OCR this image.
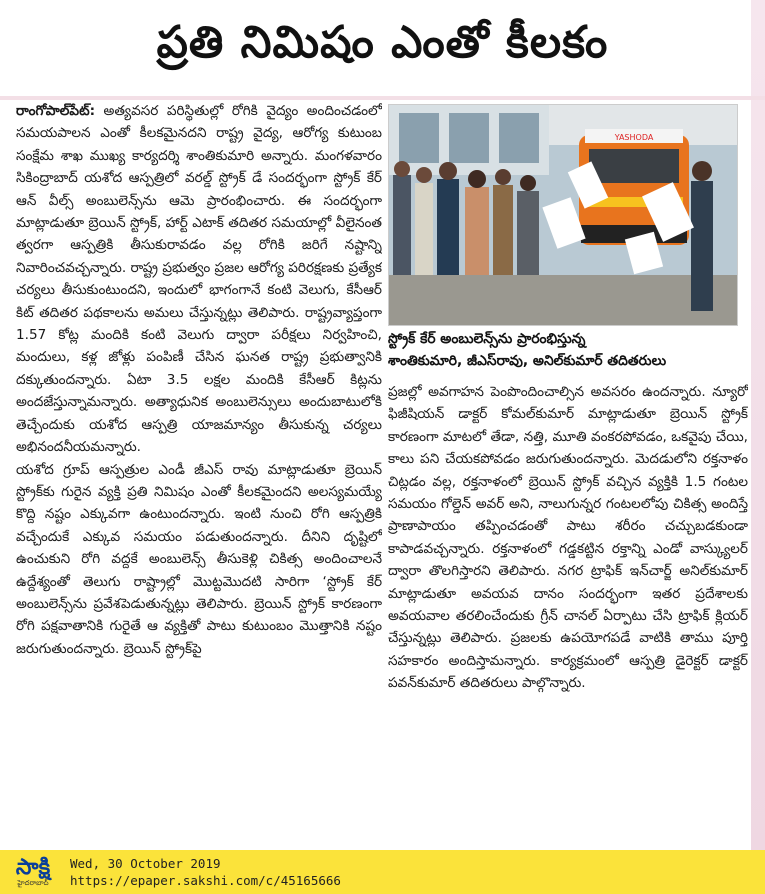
ప్రతి నిమిషం ఎంతో కీలకం

రాంగోపాల్‌పేట్‌: అత్యవసర పరిస్థితుల్లో రోగికి వైద్యం అందించడంలో సమయపాలన ఎంతో కీలకమైనదని రాష్ట్ర వైద్య, ఆరోగ్య కుటుంబ సంక్షేమ శాఖ ముఖ్య కార్యదర్శి శాంతికుమారి అన్నారు. మంగళవారం సికింద్రాబాద్‌ యశోద ఆస్పత్రిలో వరల్డ్‌ స్ట్రోక్‌ డే సందర్భంగా స్ట్రోక్‌ కేర్‌ ఆన్‌ వీల్స్‌ అంబులెన్స్‌ను ఆమె ప్రారంభించారు. ఈ సందర్భంగా మాట్లాడుతూ బ్రెయిన్‌ స్ట్రోక్‌, హార్ట్‌ ఎటాక్‌ తదితర సమయాల్లో వీలైనంత త్వరగా ఆస్పత్రికి తీసుకురావడం వల్ల రోగికి జరిగే నష్టాన్ని నివారించవచ్చన్నారు. రాష్ట్ర ప్రభుత్వం ప్రజల ఆరోగ్య పరిరక్షణకు ప్రత్యేక చర్యలు తీసుకుంటుందని, ఇందులో భాగంగానే కంటి వెలుగు, కేసీఆర్‌ కిట్‌ తదితర పథకాలను అమలు చేస్తున్నట్లు తెలిపారు. రాష్ట్రవ్యాప్తంగా 1.57 కోట్ల మందికి కంటి వెలుగు ద్వారా పరీక్షలు నిర్వహించి, మందులు, కళ్ల జోళ్లు పంపిణీ చేసిన ఘనత రాష్ట్ర ప్రభుత్వానికి దక్కుతుందన్నారు. ఏటా 3.5 లక్షల మందికి కేసీఆర్‌ కిట్లను అందజేస్తున్నామన్నారు. అత్యాధునిక అంబులెన్సులు అందుబాటులోకి తెచ్చేందుకు యశోద ఆస్పత్రి యాజమాన్యం తీసుకున్న చర్యలు అభినందనీయమన్నారు.

యశోద గ్రూప్‌ ఆస్పత్రుల ఎండీ జీఎస్‌ రావు మాట్లాడుతూ బ్రెయిన్‌ స్ట్రోక్‌కు గురైన వ్యక్తి ప్రతి నిమిషం ఎంతో కీలకమైందని అలస్యమయ్యే కొద్ది నష్టం ఎక్కువగా ఉంటుందన్నారు. ఇంటి నుంచి రోగి ఆస్పత్రికి వచ్చేందుకే ఎక్కువ సమయం పడుతుందన్నారు. దీనిని దృష్టిలో ఉంచుకుని రోగి వద్దకే అంబులెన్స్‌ తీసుకెళ్లి చికిత్స అందించాలనే ఉద్దేశ్యంతో తెలుగు రాష్ట్రాల్లో మొట్టమొదటి సారిగా ‘స్ట్రోక్‌ కేర్‌ అంబులెన్స్‌ను ప్రవేశపెడుతున్నట్లు తెలిపారు. బ్రెయిన్‌ స్ట్రోక్‌ కారణంగా రోగి పక్షవాతానికి గురైతే ఆ వ్యక్తితో పాటు కుటుంబం మొత్తానికి నష్టం జరుగుతుందన్నారు. బ్రెయిన్‌ స్ట్రోక్‌పై

YASHODA
స్ట్రోక్‌ కేర్‌ అంబులెన్స్‌ను ప్రారంభిస్తున్న
శాంతికుమారి, జీఎస్‌రావు, అనిల్‌కుమార్‌ తదితరులు

ప్రజల్లో అవగాహన పెంపొందించాల్సిన అవసరం ఉందన్నారు. న్యూరో ఫిజీషియన్‌ డాక్టర్‌ కోమల్‌కుమార్‌ మాట్లాడుతూ బ్రెయిన్‌ స్ట్రోక్‌ కారణంగా మాటలో తేడా, నత్తి, మూతి వంకరపోవడం, ఒకవైపు చేయి, కాలు పని చేయకపోవడం జరుగుతుందన్నారు. మెదడులోని రక్తనాళం చిట్లడం వల్ల, రక్తనాళంలో బ్రెయిన్‌ స్ట్రోక్‌ వచ్చిన వ్యక్తికి 1.5 గంటల సమయం గోల్డెన్‌ అవర్‌ అని, నాలుగున్నర గంటలలోపు చికిత్స అందిస్తే ప్రాణాపాయం తప్పించడంతో పాటు శరీరం చచ్చుబడకుండా కాపాడవచ్చన్నారు. రక్తనాళంలో గడ్డకట్టిన రక్తాన్ని ఎండో వాస్క్యులర్‌ ద్వారా తొలగిస్తారని తెలిపారు. నగర ట్రాఫిక్‌ ఇన్‌చార్జ్‌ అనిల్‌కుమార్‌ మాట్లాడుతూ అవయవ దానం సందర్భంగా ఇతర ప్రదేశాలకు అవయవాల తరలించేందుకు గ్రీన్‌ చానల్‌ ఏర్పాటు చేసి ట్రాఫిక్‌ క్లియర్‌ చేస్తున్నట్లు తెలిపారు. ప్రజలకు ఉపయోగపడే వాటికి తాము పూర్తి సహకారం అందిస్తామన్నారు. కార్యక్రమంలో ఆస్పత్రి డైరెక్టర్‌ డాక్టర్‌ పవన్‌కుమార్‌ తదితరులు పాల్గొన్నారు.

సాక్షి
హైదరాబాద్
Wed, 30 October 2019
https://epaper.sakshi.com/c/45165666
